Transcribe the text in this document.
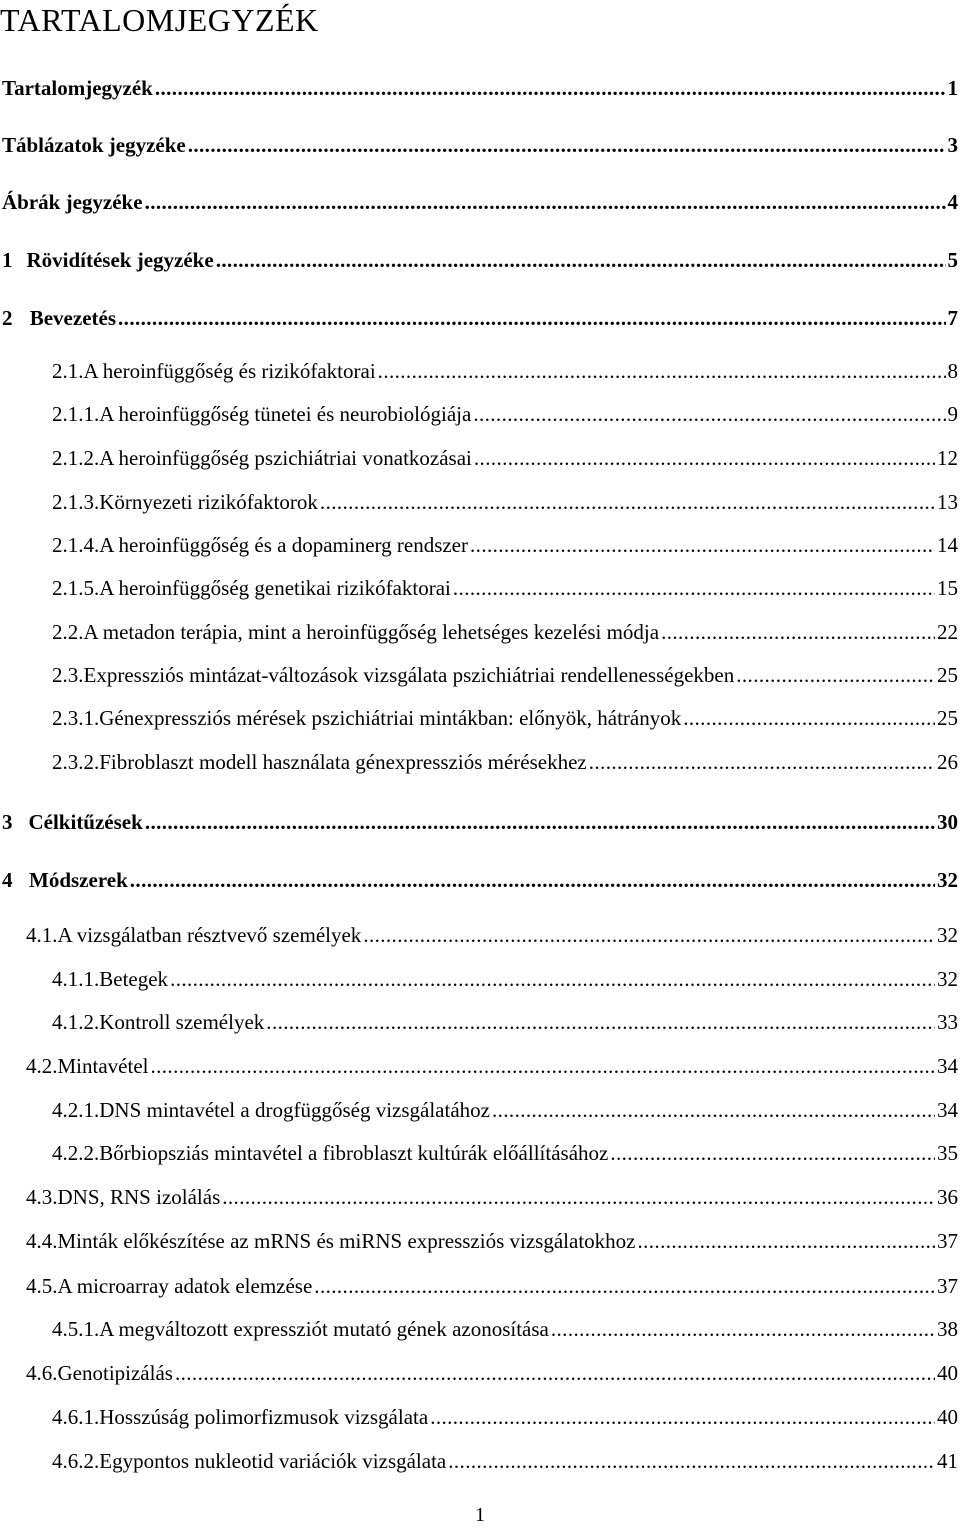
TARTALOMJEGYZÉK
Tartalomjegyzék .....	1
Táblázatok jegyzéke .....	3
Ábrák jegyzéke .....	4
1 Rövidítések jegyzéke .....	5
2 Bevezetés .....	7
2.1. A heroinfüggőség és rizikófaktorai .....	8
2.1.1. A heroinfüggőség tünetei és neurobiológiája .....	9
2.1.2. A heroinfüggőség pszichiátriai vonatkozásai .....	12
2.1.3. Környezeti rizikófaktorok .....	13
2.1.4. A heroinfüggőség és a dopaminerg rendszer .....	14
2.1.5. A heroinfüggőség genetikai rizikófaktorai .....	15
2.2. A metadon terápia, mint a heroinfüggőség lehetséges kezelési módja .....	22
2.3. Expressziós mintázat-változások vizsgálata pszichiátriai rendellenességekben .....	25
2.3.1. Génexpressziós mérések pszichiátriai mintákban: előnyök, hátrányok .....	25
2.3.2. Fibroblaszt modell használata génexpressziós mérésekhez .....	26
3 Célkitűzések .....	30
4 Módszerek .....	32
4.1. A vizsgálatban résztvevő személyek .....	32
4.1.1. Betegek .....	32
4.1.2. Kontroll személyek .....	33
4.2. Mintavétel .....	34
4.2.1. DNS mintavétel a drogfüggőség vizsgálatához .....	34
4.2.2. Bőrbiopsziás mintavétel a fibroblaszt kultúrák előállításához .....	35
4.3. DNS, RNS izolálás .....	36
4.4. Minták előkészítése az mRNS és miRNS expressziós vizsgálatokhoz .....	37
4.5. A microarray adatok elemzése .....	37
4.5.1. A megváltozott expressziót mutató gének azonosítása .....	38
4.6. Genotipizálás .....	40
4.6.1. Hosszúság polimorfizmusok vizsgálata .....	40
4.6.2. Egypontos nukleotid variációk vizsgálata .....	41
1
